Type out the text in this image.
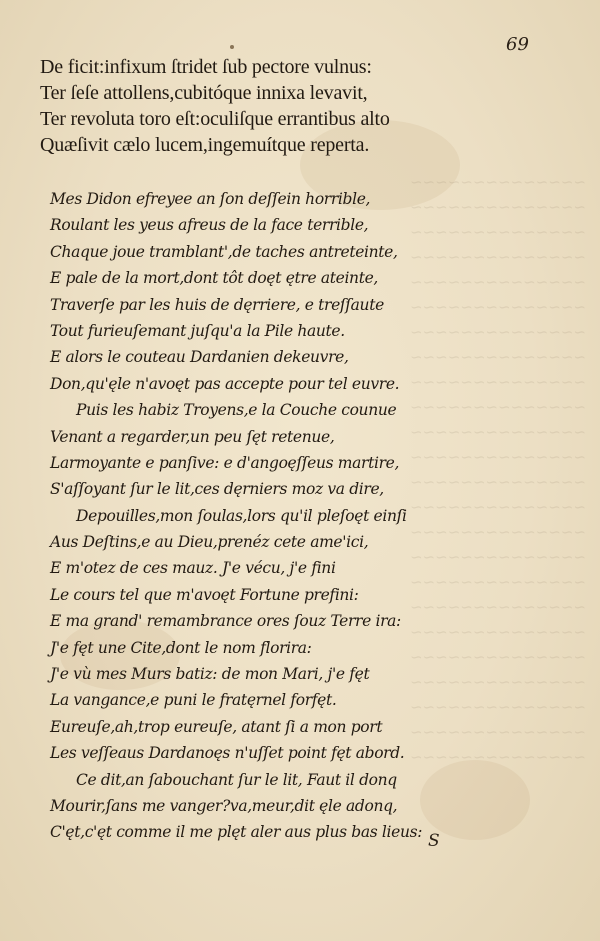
~~~~~~~~~~~~~~
~~~~~~~~~~~~~~
~~~~~~~~~~~~~~
~~~~~~~~~~~~~~
~~~~~~~~~~~~~~
~~~~~~~~~~~~~~
~~~~~~~~~~~~~~
~~~~~~~~~~~~~~
~~~~~~~~~~~~~~
~~~~~~~~~~~~~~
~~~~~~~~~~~~~~
~~~~~~~~~~~~~~
~~~~~~~~~~~~~~
~~~~~~~~~~~~~~
~~~~~~~~~~~~~~
~~~~~~~~~~~~~~
~~~~~~~~~~~~~~
~~~~~~~~~~~~~~
~~~~~~~~~~~~~~
~~~~~~~~~~~~~~
~~~~~~~~~~~~~~
~~~~~~~~~~~~~~
~~~~~~~~~~~~~~
~~~~~~~~~~~~~~
69
De ficit:infixum ſtridet ſub pectore vulnus:
Ter ſeſe attollens,cubitóque innixa levavit,
Ter revoluta toro eſt:oculiſque errantibus alto
Quæſivit cælo lucem,ingemuítque reperta.
Mes Didon efreyee an ſon deſſein horrible,
Roulant les yeus afreus de la face terrible,
Chaque joue tramblant',de taches antreteinte,
E pale de la mort,dont tôt doęt ętre ateinte,
Traverſe par les huis de dęrriere, e treſſaute
Tout furieuſemant juſqu'a la Pile haute.
E alors le couteau Dardanien dekeuvre,
Don,qu'ęle n'avoęt pas accepte pour tel euvre.
Puis les habiz Troyens,e la Couche counue
Venant a regarder,un peu ſęt retenue,
Larmoyante e panſive: e d'angoęſſeus martire,
S'aſſoyant ſur le lit,ces dęrniers moz va dire,
Depouilles,mon ſoulas,lors qu'il pleſoęt einſi
Aus Deſtins,e au Dieu,prenéz cete ame'ici,
E m'otez de ces mauz. J'e vécu, j'e fini
Le cours tel que m'avoęt Fortune prefini:
E ma grand' remambrance ores ſouz Terre ira:
J'e fęt une Cite,dont le nom florira:
J'e vù mes Murs batiz: de mon Mari, j'e fęt
La vangance,e puni le fratęrnel forfęt.
Eureuſe,ah,trop eureuſe, atant ſi a mon port
Les veſſeaus Dardanoęs n'uſſet point fęt abord.
Ce dit,an ſabouchant ſur le lit, Faut il donq
Mourir,ſans me vanger?va,meur,dit ęle adonq,
C'ęt,c'ęt comme il me plęt aler aus plus bas lieus: S
